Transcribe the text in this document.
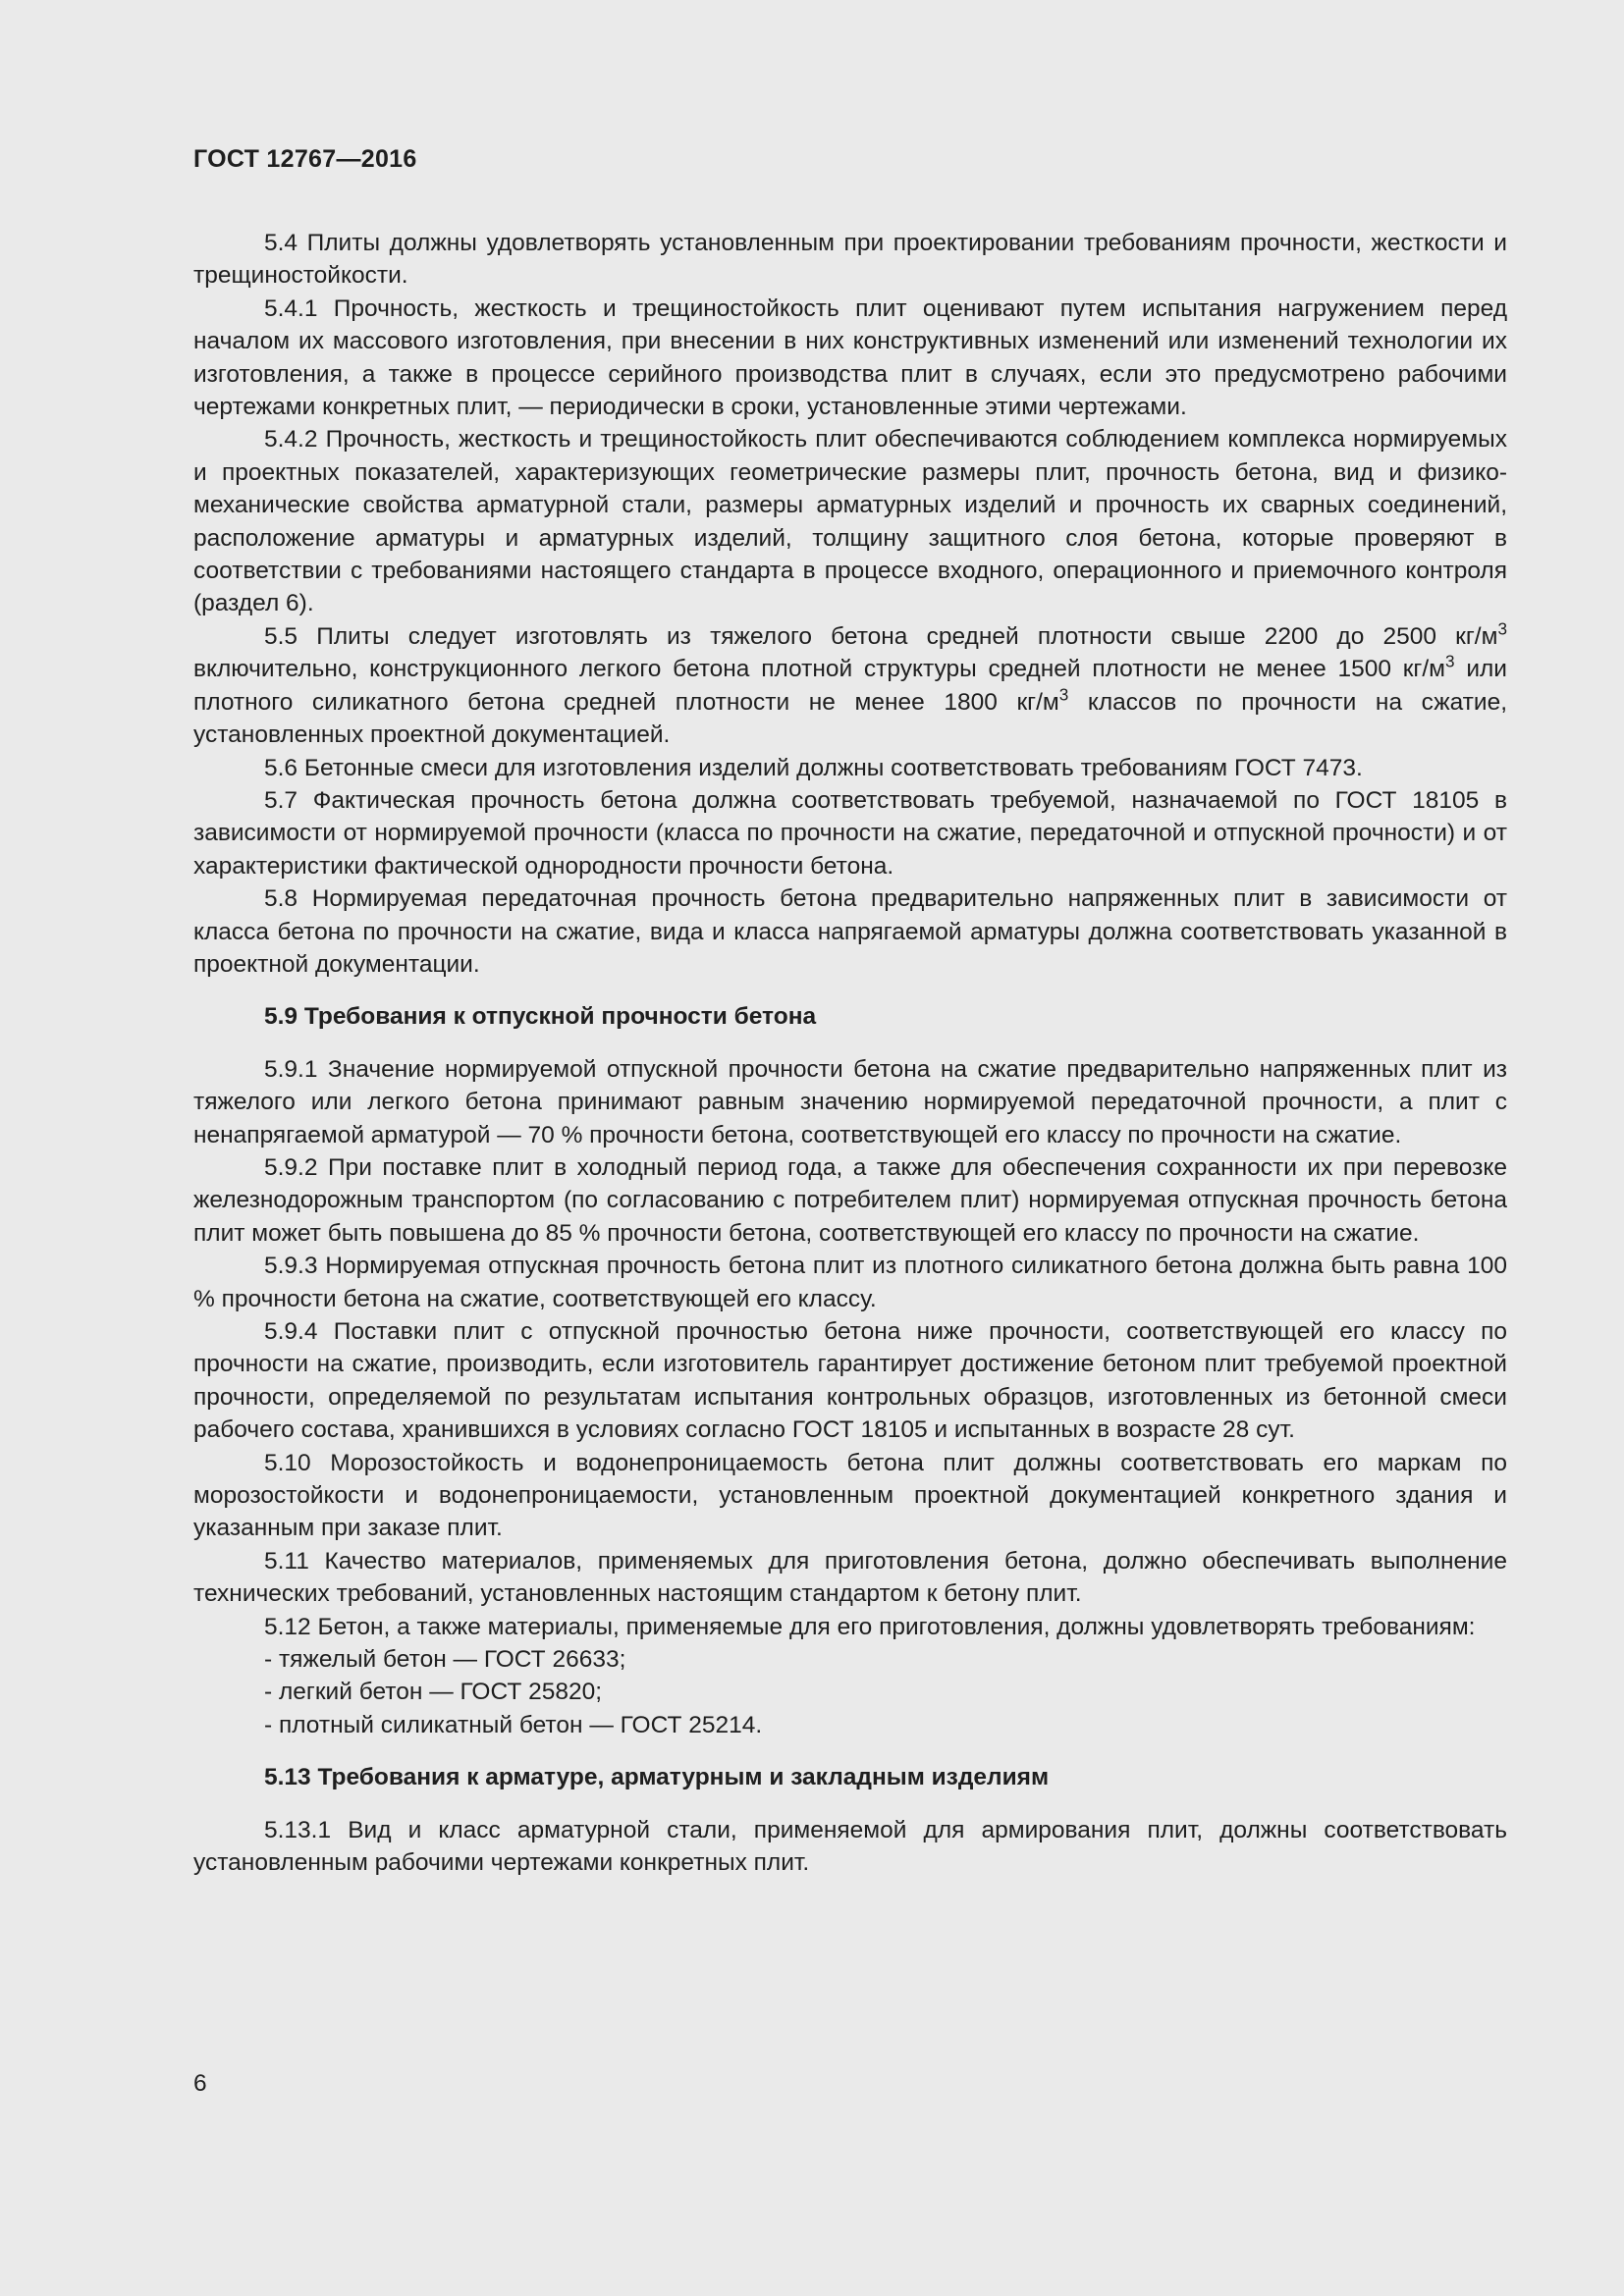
ГОСТ 12767—2016

5.4 Плиты должны удовлетворять установленным при проектировании требованиям прочности, жесткости и трещиностойкости.

5.4.1 Прочность, жесткость и трещиностойкость плит оценивают путем испытания нагружением перед началом их массового изготовления, при внесении в них конструктивных изменений или изменений технологии их изготовления, а также в процессе серийного производства плит в случаях, если это предусмотрено рабочими чертежами конкретных плит, — периодически в сроки, установленные этими чертежами.

5.4.2 Прочность, жесткость и трещиностойкость плит обеспечиваются соблюдением комплекса нормируемых и проектных показателей, характеризующих геометрические размеры плит, прочность бетона, вид и физико-механические свойства арматурной стали, размеры арматурных изделий и прочность их сварных соединений, расположение арматуры и арматурных изделий, толщину защитного слоя бетона, которые проверяют в соответствии с требованиями настоящего стандарта в процессе входного, операционного и приемочного контроля (раздел 6).

5.5 Плиты следует изготовлять из тяжелого бетона средней плотности свыше 2200 до 2500 $кг/м^3$ включительно, конструкционного легкого бетона плотной структуры средней плотности не менее 1500 $кг/м^3$ или плотного силикатного бетона средней плотности не менее 1800 $кг/м^3$ классов по прочности на сжатие, установленных проектной документацией.

5.6 Бетонные смеси для изготовления изделий должны соответствовать требованиям ГОСТ 7473.

5.7 Фактическая прочность бетона должна соответствовать требуемой, назначаемой по ГОСТ 18105 в зависимости от нормируемой прочности (класса по прочности на сжатие, передаточной и отпускной прочности) и от характеристики фактической однородности прочности бетона.

5.8 Нормируемая передаточная прочность бетона предварительно напряженных плит в зависимости от класса бетона по прочности на сжатие, вида и класса напрягаемой арматуры должна соответствовать указанной в проектной документации.

5.9 Требования к отпускной прочности бетона

5.9.1 Значение нормируемой отпускной прочности бетона на сжатие предварительно напряженных плит из тяжелого или легкого бетона принимают равным значению нормируемой передаточной прочности, а плит с ненапрягаемой арматурой — 70 % прочности бетона, соответствующей его классу по прочности на сжатие.

5.9.2 При поставке плит в холодный период года, а также для обеспечения сохранности их при перевозке железнодорожным транспортом (по согласованию с потребителем плит) нормируемая отпускная прочность бетона плит может быть повышена до 85 % прочности бетона, соответствующей его классу по прочности на сжатие.

5.9.3 Нормируемая отпускная прочность бетона плит из плотного силикатного бетона должна быть равна 100 % прочности бетона на сжатие, соответствующей его классу.

5.9.4 Поставки плит с отпускной прочностью бетона ниже прочности, соответствующей его классу по прочности на сжатие, производить, если изготовитель гарантирует достижение бетоном плит требуемой проектной прочности, определяемой по результатам испытания контрольных образцов, изготовленных из бетонной смеси рабочего состава, хранившихся в условиях согласно ГОСТ 18105 и испытанных в возрасте 28 сут.

5.10 Морозостойкость и водонепроницаемость бетона плит должны соответствовать его маркам по морозостойкости и водонепроницаемости, установленным проектной документацией конкретного здания и указанным при заказе плит.

5.11 Качество материалов, применяемых для приготовления бетона, должно обеспечивать выполнение технических требований, установленных настоящим стандартом к бетону плит.

5.12 Бетон, а также материалы, применяемые для его приготовления, должны удовлетворять требованиям:

- тяжелый бетон — ГОСТ 26633;
- легкий бетон — ГОСТ 25820;
- плотный силикатный бетон — ГОСТ 25214.
5.13 Требования к арматуре, арматурным и закладным изделиям

5.13.1 Вид и класс арматурной стали, применяемой для армирования плит, должны соответствовать установленным рабочими чертежами конкретных плит.

6
